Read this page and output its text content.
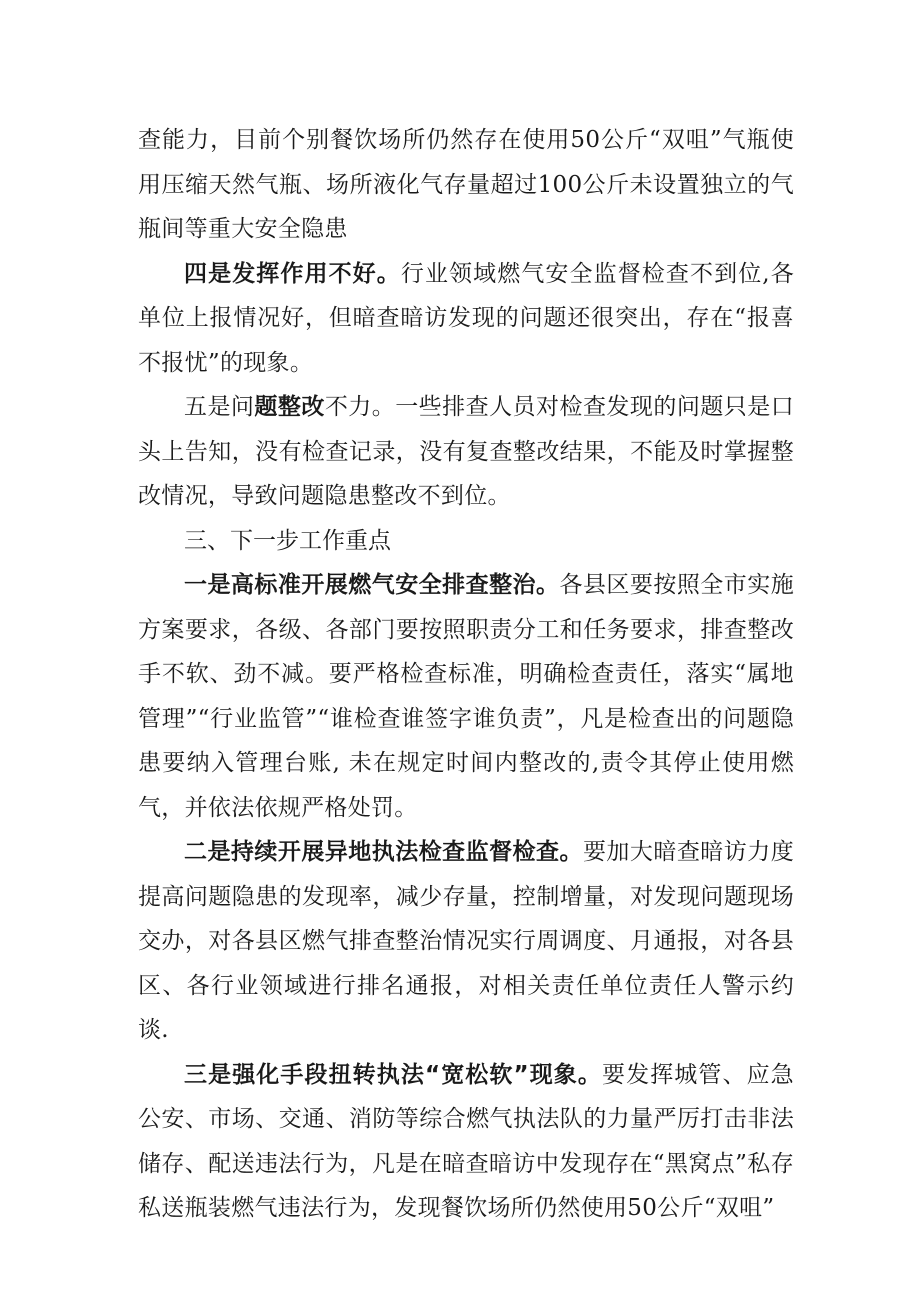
查能力，目前个别餐饮场所仍然存在使用50公斤“双咀”气瓶使用压缩天然气瓶、场所液化气存量超过100公斤未设置独立的气瓶间等重大安全隐患

四是发挥作用不好。行业领域燃气安全监督检查不到位,各单位上报情况好，但暗查暗访发现的问题还很突出，存在“报喜不报忧”的现象。

五是问题整改不力。一些排查人员对检查发现的问题只是口头上告知，没有检查记录，没有复查整改结果，不能及时掌握整改情况，导致问题隐患整改不到位。

三、下一步工作重点

一是高标准开展燃气安全排查整治。各县区要按照全市实施方案要求，各级、各部门要按照职责分工和任务要求，排查整改手不软、劲不减。要严格检查标准，明确检查责任，落实“属地管理”“行业监管”“谁检查谁签字谁负责”，凡是检查出的问题隐患要纳入管理台账, 未在规定时间内整改的,责令其停止使用燃气，并依法依规严格处罚。

二是持续开展异地执法检查监督检查。要加大暗查暗访力度提高问题隐患的发现率，减少存量，控制增量，对发现问题现场交办，对各县区燃气排查整治情况实行周调度、月通报，对各县区、各行业领域进行排名通报，对相关责任单位责任人警示约谈.

三是强化手段扭转执法“宽松软”现象。要发挥城管、应急公安、市场、交通、消防等综合燃气执法队的力量严厉打击非法储存、配送违法行为，凡是在暗查暗访中发现存在“黑窝点”私存私送瓶装燃气违法行为，发现餐饮场所仍然使用50公斤“双咀”
